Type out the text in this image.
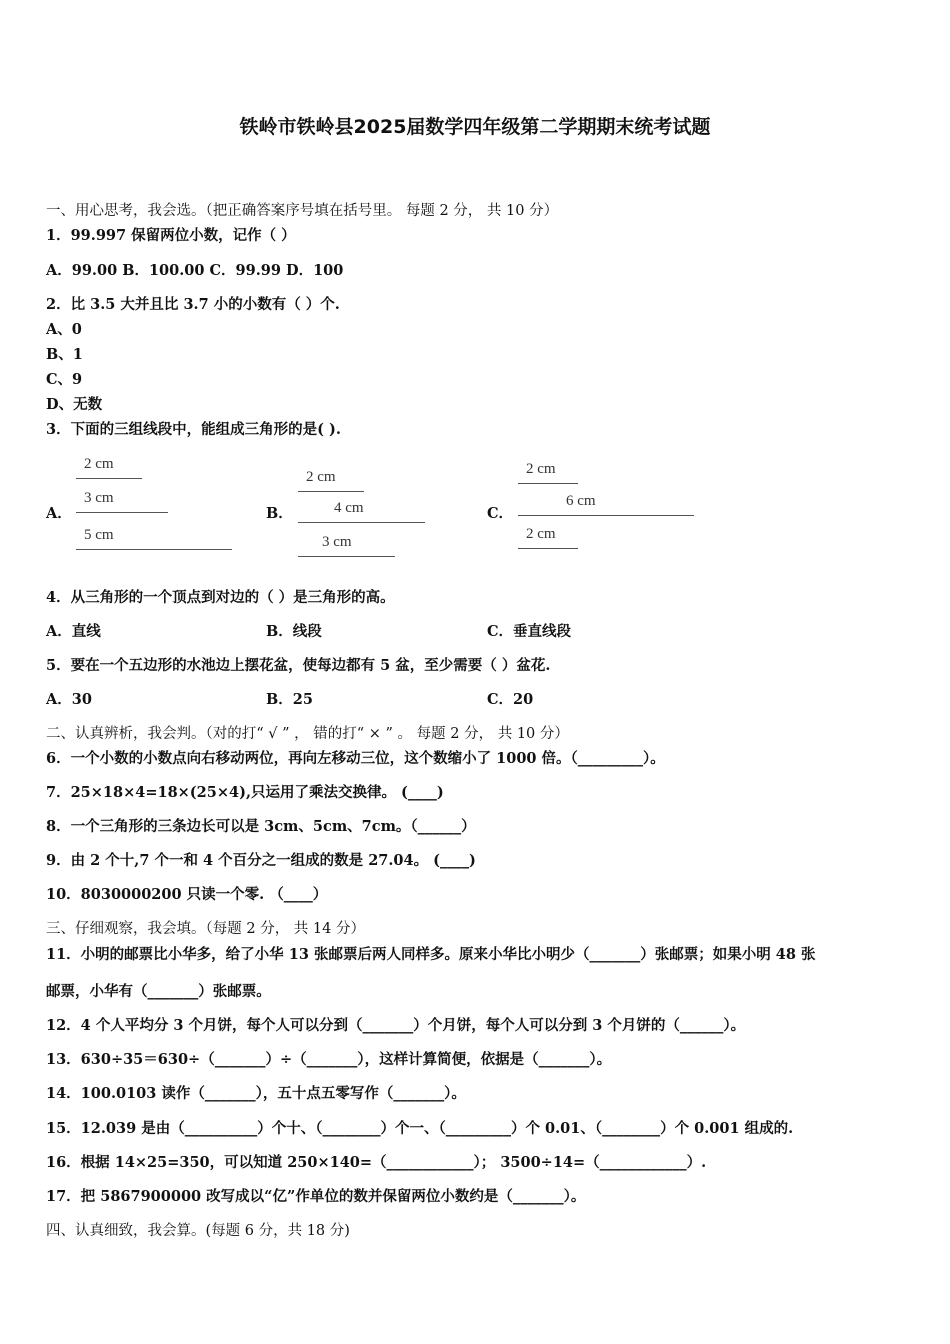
铁岭市铁岭县2025届数学四年级第二学期期末统考试题
一、用心思考，我会选。（把正确答案序号填在括号里。 每题 2 分， 共 10 分）
1．99.997 保留两位小数，记作（ ）
A．99.00 B．100.00 C．99.99 D．100
2．比 3.5 大并且比 3.7 小的小数有（ ）个.
A、0
B、1
C、9
D、无数
3．下面的三组线段中，能组成三角形的是( ).
A．
2 cm
3 cm
5 cm
B．
2 cm
4 cm
3 cm
C．
2 cm
6 cm
2 cm
4．从三角形的一个顶点到对边的（ ）是三角形的高。
A．直线	B．线段	C．垂直线段
5．要在一个五边形的水池边上摆花盆，使每边都有 5 盆，至少需要（ ）盆花.
A．30	B．25	C．20
二、认真辨析，我会判。（对的打“ √ ” ， 错的打“ × ” 。 每题 2 分， 共 10 分）
6．一个小数的小数点向右移动两位，再向左移动三位，这个数缩小了 1000 倍。（_________）。
7．25×18×4=18×(25×4),只运用了乘法交换律。 (____)
8．一个三角形的三条边长可以是 3cm、5cm、7cm。（______）
9．由 2 个十,7 个一和 4 个百分之一组成的数是 27.04。 (____)
10．8030000200 只读一个零. （____）
三、仔细观察，我会填。（每题 2 分， 共 14 分）
11．小明的邮票比小华多，给了小华 13 张邮票后两人同样多。原来小华比小明少（_______）张邮票；如果小明 48 张
邮票，小华有（_______）张邮票。
12．4 个人平均分 3 个月饼，每个人可以分到（_______）个月饼，每个人可以分到 3 个月饼的（______）。
13．630÷35＝630÷（_______）÷（_______），这样计算简便，依据是（_______）。
14．100.0103 读作（_______），五十点五零写作（_______）。
15．12.039 是由（__________）个十、（________）个一、（_________）个 0.01、（________）个 0.001 组成的.
16．根据 14×25=350，可以知道 250×140=（____________）； 3500÷14=（____________）.
17．把 5867900000 改写成以“亿”作单位的数并保留两位小数约是（_______）。
四、认真细致，我会算。(每题 6 分，共 18 分)
